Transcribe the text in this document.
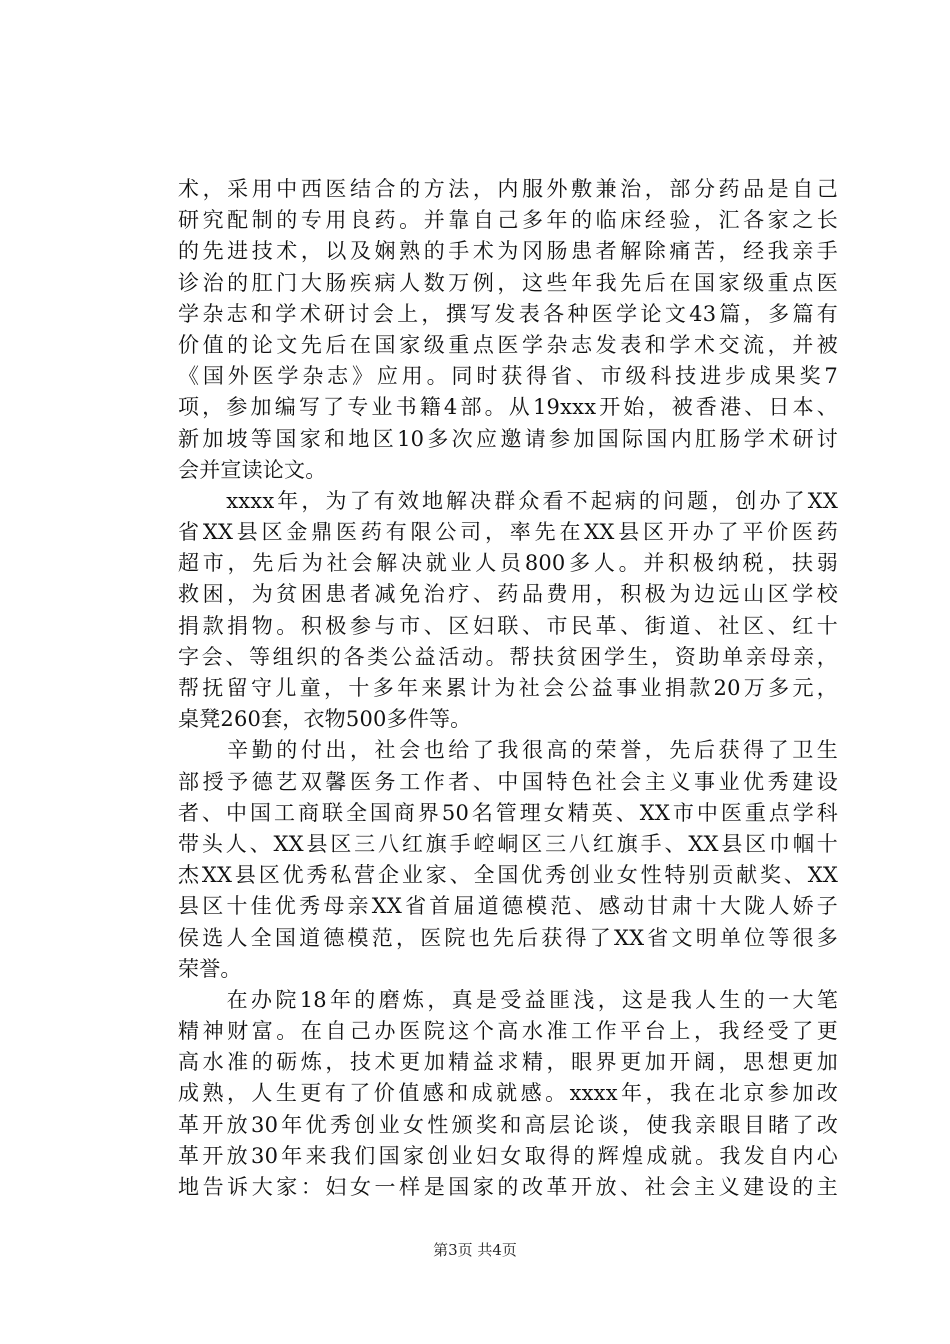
术，采用中西医结合的方法，内服外敷兼治，部分药品是自己
研究配制的专用良药。并靠自己多年的临床经验，汇各家之长
的先进技术，以及娴熟的手术为冈肠患者解除痛苦，经我亲手
诊治的肛门大肠疾病人数万例，这些年我先后在国家级重点医
学杂志和学术研讨会上，撰写发表各种医学论文43篇，多篇有
价值的论文先后在国家级重点医学杂志发表和学术交流，并被
《国外医学杂志》应用。同时获得省、市级科技进步成果奖7
项，参加编写了专业书籍4部。从19xxx开始，被香港、日本、
新加坡等国家和地区10多次应邀请参加国际国内肛肠学术研讨
会并宣读论文。
　　xxxx年，为了有效地解决群众看不起病的问题，创办了XX
省XX县区金鼎医药有限公司，率先在XX县区开办了平价医药
超市，先后为社会解决就业人员800多人。并积极纳税，扶弱
救困，为贫困患者减免治疗、药品费用，积极为边远山区学校
捐款捐物。积极参与市、区妇联、市民革、街道、社区、红十
字会、等组织的各类公益活动。帮扶贫困学生，资助单亲母亲，
帮抚留守儿童，十多年来累计为社会公益事业捐款20万多元，
桌凳260套，衣物500多件等。
　　辛勤的付出，社会也给了我很高的荣誉，先后获得了卫生
部授予德艺双馨医务工作者、中国特色社会主义事业优秀建设
者、中国工商联全国商界50名管理女精英、XX市中医重点学科
带头人、XX县区三八红旗手崆峒区三八红旗手、XX县区巾帼十
杰XX县区优秀私营企业家、全国优秀创业女性特别贡献奖、XX
县区十佳优秀母亲XX省首届道德模范、感动甘肃十大陇人娇子
侯选人全国道德模范，医院也先后获得了XX省文明单位等很多
荣誉。
　　在办院18年的磨炼，真是受益匪浅，这是我人生的一大笔
精神财富。在自己办医院这个高水准工作平台上，我经受了更
高水准的砺炼，技术更加精益求精，眼界更加开阔，思想更加
成熟，人生更有了价值感和成就感。xxxx年，我在北京参加改
革开放30年优秀创业女性颁奖和高层论谈，使我亲眼目睹了改
革开放30年来我们国家创业妇女取得的辉煌成就。我发自内心
地告诉大家：妇女一样是国家的改革开放、社会主义建设的主
第3页 共4页
